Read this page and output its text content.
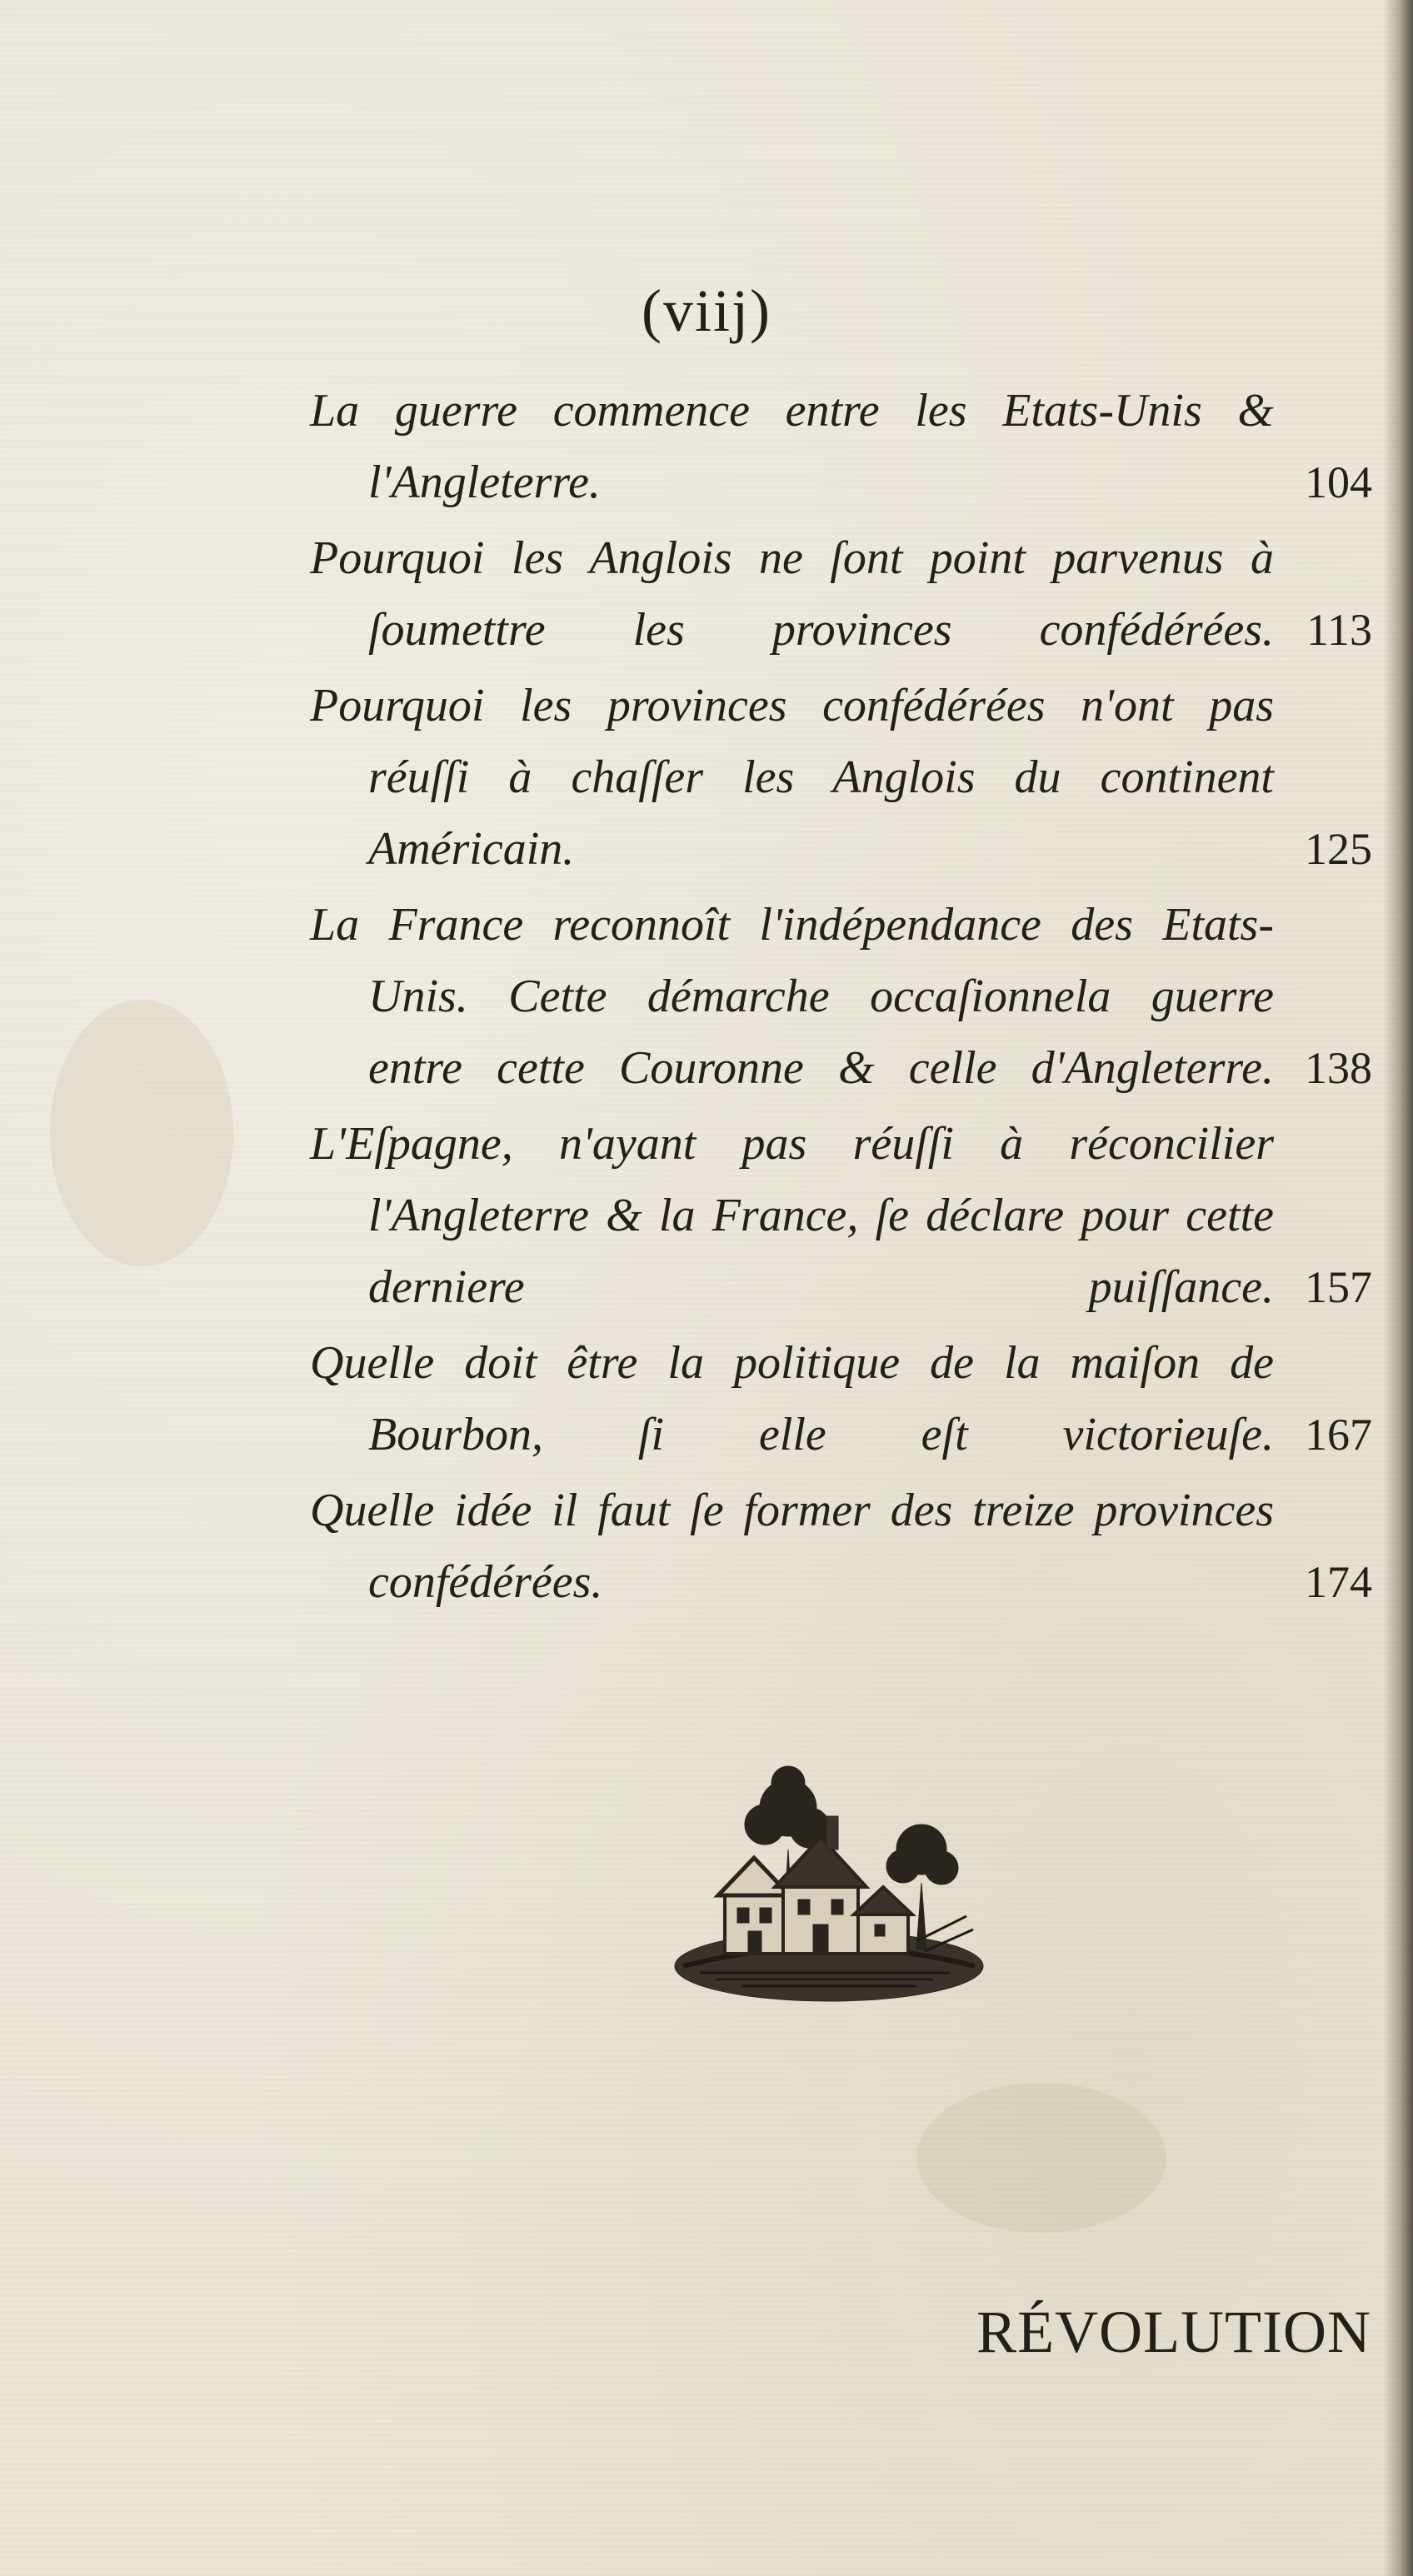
(viij)
La guerre commence entre les Etats-Unis & l'Angleterre.	104
Pourquoi les Anglois ne ſont point parvenus à ſoumettre les provinces confédérées. 113
Pourquoi les provinces confédérées n'ont pas réuſſi à chaſſer les Anglois du continent Américain.	125
La France reconnoît l'indépendance des Etats-Unis. Cette démarche occaſionnela guerre entre cette Couronne & celle d'Angleterre. 138
L'Eſpagne, n'ayant pas réuſſi à réconcilier l'Angleterre & la France, ſe déclare pour cette derniere puiſſance. 157
Quelle doit être la politique de la maiſon de Bourbon, ſi elle eſt victorieuſe. 167
Quelle idée il faut ſe former des treize provinces confédérées.	174
RÉVOLUTION
